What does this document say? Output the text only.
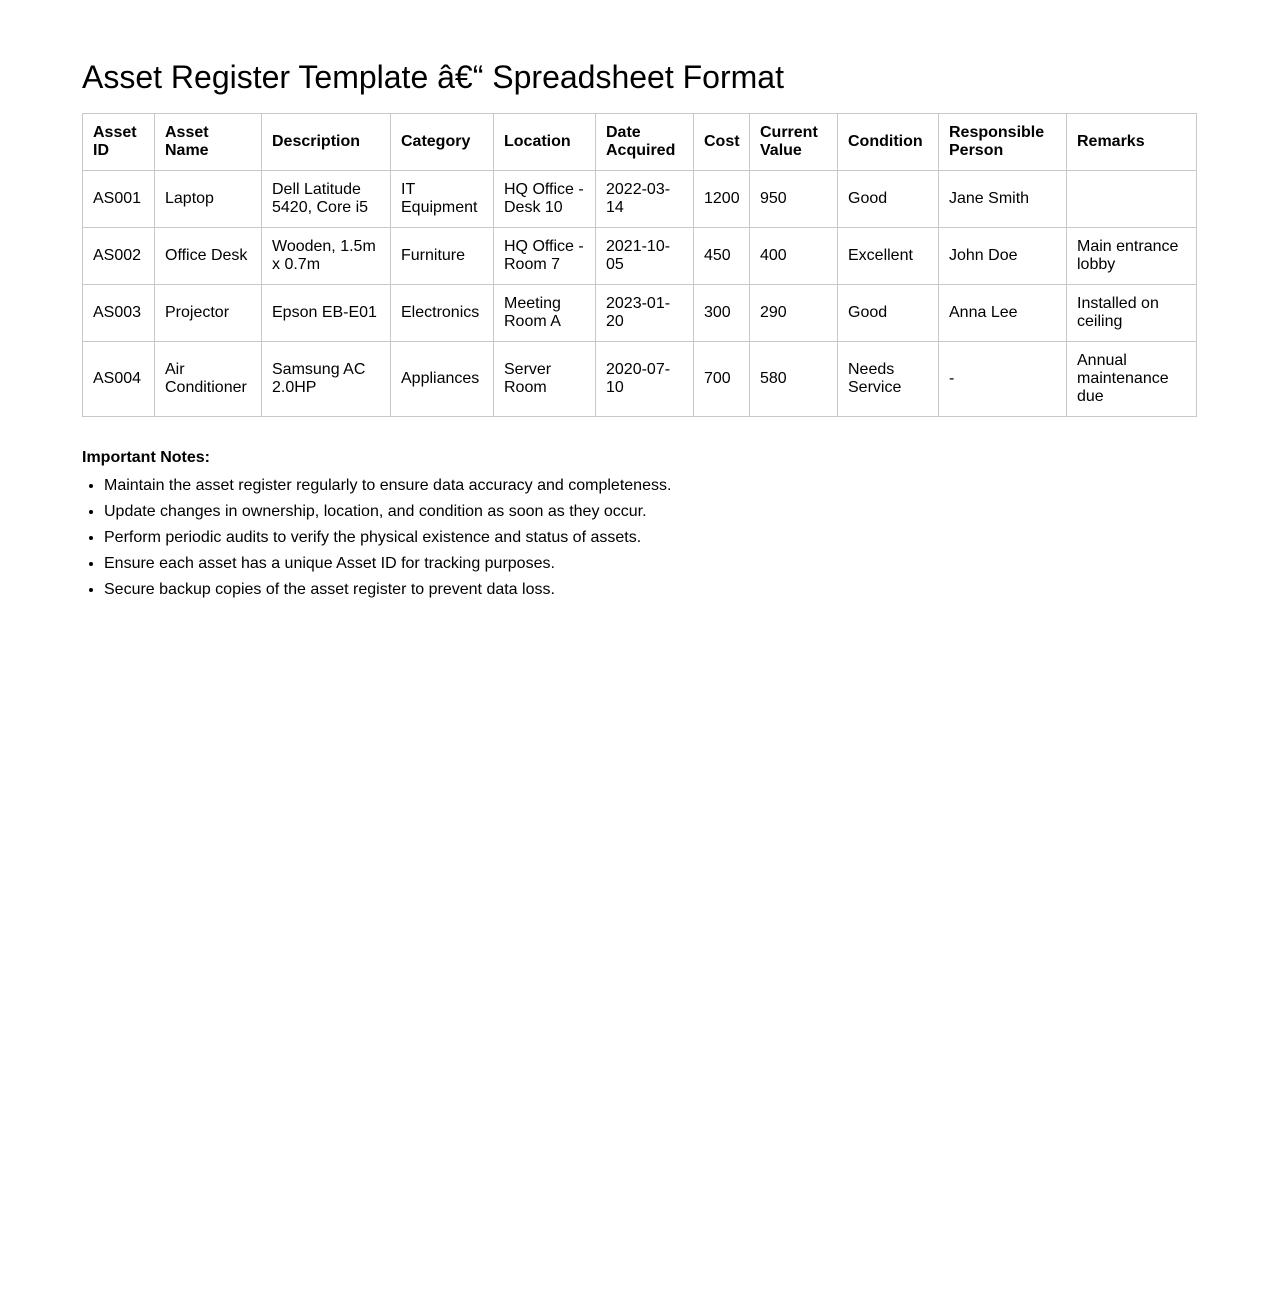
Asset Register Template â€“ Spreadsheet Format
Asset ID	Asset Name	Description	Category	Location	Date Acquired	Cost	Current Value	Condition	Responsible Person	Remarks
AS001	Laptop	Dell Latitude 5420, Core i5	IT Equipment	HQ Office - Desk 10	2022-03-14	1200	950	Good	Jane Smith	
AS002	Office Desk	Wooden, 1.5m x 0.7m	Furniture	HQ Office - Room 7	2021-10-05	450	400	Excellent	John Doe	Main entrance lobby
AS003	Projector	Epson EB-E01	Electronics	Meeting Room A	2023-01-20	300	290	Good	Anna Lee	Installed on ceiling
AS004	Air Conditioner	Samsung AC 2.0HP	Appliances	Server Room	2020-07-10	700	580	Needs Service	-	Annual maintenance due

Important Notes:

• Maintain the asset register regularly to ensure data accuracy and completeness.
• Update changes in ownership, location, and condition as soon as they occur.
• Perform periodic audits to verify the physical existence and status of assets.
• Ensure each asset has a unique Asset ID for tracking purposes.
• Secure backup copies of the asset register to prevent data loss.
